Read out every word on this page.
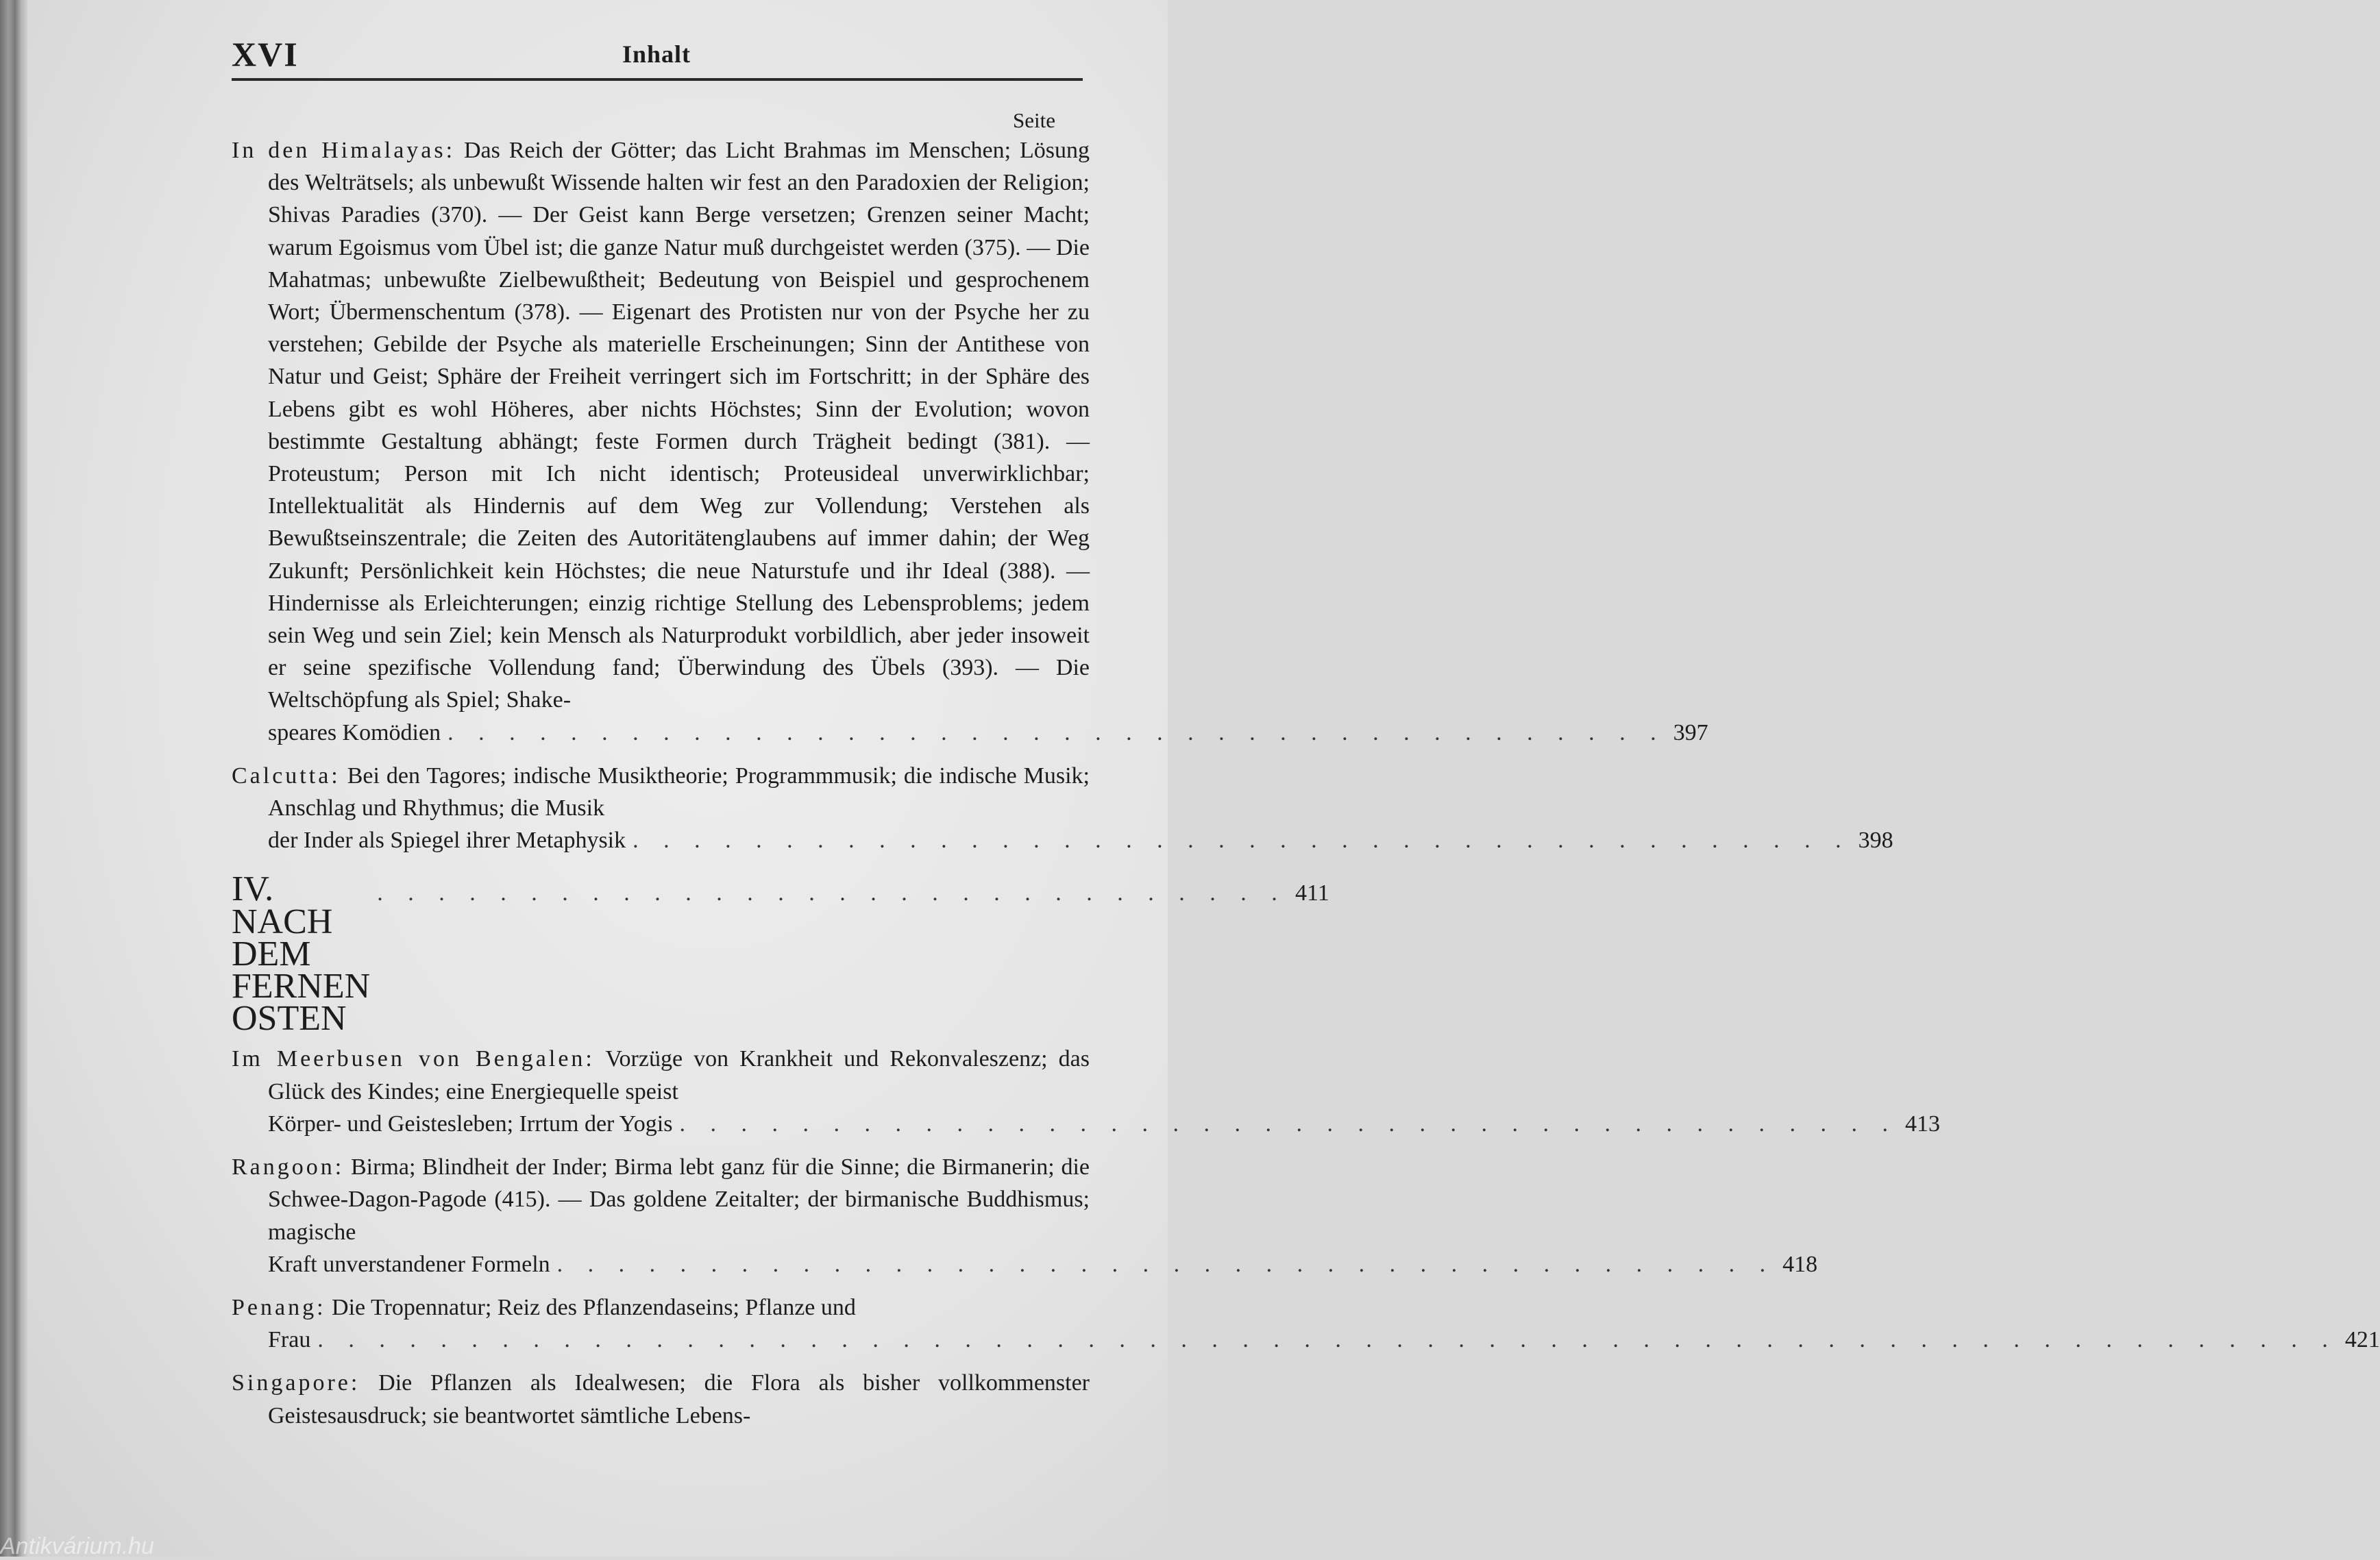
XVI	Inhalt
Seite
In den Himalayas: Das Reich der Götter; das Licht Brahmas im Menschen; Lösung des Welträtsels; als unbewußt Wissende halten wir fest an den Paradoxien der Religion; Shivas Paradies (370). — Der Geist kann Berge versetzen; Grenzen seiner Macht; warum Egoismus vom Übel ist; die ganze Natur muß durchgeistet werden (375). — Die Mahatmas; unbewußte Zielbewußtheit; Bedeutung von Beispiel und gesprochenem Wort; Übermenschentum (378). — Eigenart des Protisten nur von der Psyche her zu verstehen; Gebilde der Psyche als materielle Erscheinungen; Sinn der Antithese von Natur und Geist; Sphäre der Freiheit verringert sich im Fortschritt; in der Sphäre des Lebens gibt es wohl Höheres, aber nichts Höchstes; Sinn der Evolution; wovon bestimmte Gestaltung abhängt; feste Formen durch Trägheit bedingt (381). — Proteustum; Person mit Ich nicht identisch; Proteusideal unverwirklichbar; Intellektualität als Hindernis auf dem Weg zur Vollendung; Verstehen als Bewußtseinszentrale; die Zeiten des Autoritätenglaubens auf immer dahin; der Weg Zukunft; Persönlichkeit kein Höchstes; die neue Naturstufe und ihr Ideal (388). — Hindernisse als Erleichterungen; einzig richtige Stellung des Lebensproblems; jedem sein Weg und sein Ziel; kein Mensch als Naturprodukt vorbildlich, aber jeder insoweit er seine spezifische Vollendung fand; Überwindung des Übels (393). — Die Weltschöpfung als Spiel; Shake-
speares Komödien . . . . . . . . . . . . . . . . . . . . . . . . . . . . . . . . . . . . . . . . 397
Calcutta: Bei den Tagores; indische Musiktheorie; Programmmusik; die indische Musik; Anschlag und Rhythmus; die Musik
der Inder als Spiegel ihrer Metaphysik . . . . . . . . . . . . . . . . . . . . . . . . . . . . . . . . . . . . . . . . 398
IV. NACH DEM FERNEN OSTEN
. . . . . . . . . . . . . . . . . . . . . . . . . . . . . . 411
Im Meerbusen von Bengalen: Vorzüge von Krankheit und Rekonvaleszenz; das Glück des Kindes; eine Energiequelle speist
Körper- und Geistesleben; Irrtum der Yogis . . . . . . . . . . . . . . . . . . . . . . . . . . . . . . . . . . . . . . . . 413
Rangoon: Birma; Blindheit der Inder; Birma lebt ganz für die Sinne; die Birmanerin; die Schwee-Dagon-Pagode (415). — Das goldene Zeitalter; der birmanische Buddhismus; magische
Kraft unverstandener Formeln . . . . . . . . . . . . . . . . . . . . . . . . . . . . . . . . . . . . . . . . 418
Penang: Die Tropennatur; Reiz des Pflanzendaseins; Pflanze und
Frau . . . . . . . . . . . . . . . . . . . . . . . . . . . . . . . . . . . . . . . . . . . . . . . . . . . . . . . . . . . . . . . . . . 421
Singapore: Die Pflanzen als Idealwesen; die Flora als bisher vollkommenster Geistesausdruck; sie beantwortet sämtliche Lebens-
Antikvárium.hu
